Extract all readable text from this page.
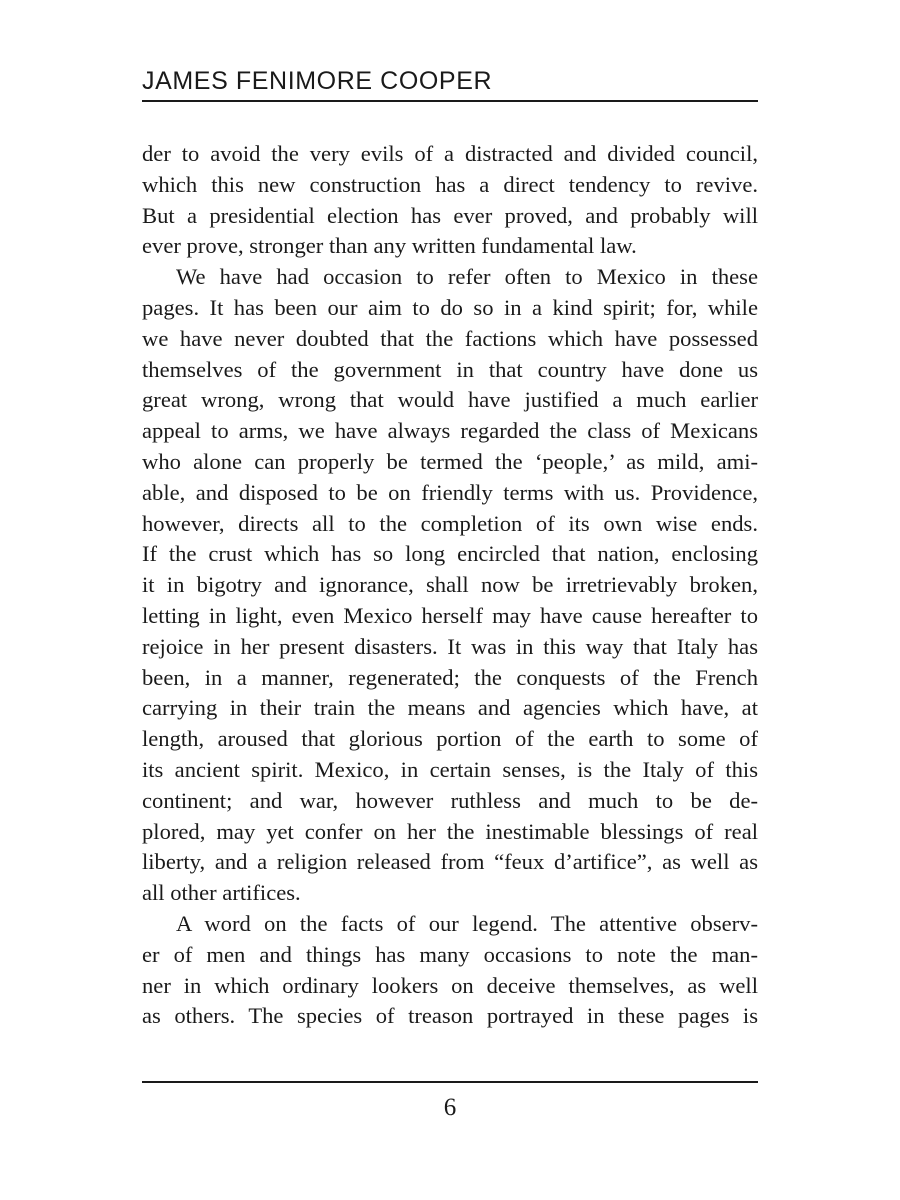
JAMES FENIMORE COOPER
der to avoid the very evils of a distracted and divided council,
which this new construction has a direct tendency to revive.
But a presidential election has ever proved, and probably will
ever prove, stronger than any written fundamental law.
We have had occasion to refer often to Mexico in these
pages. It has been our aim to do so in a kind spirit; for, while
we have never doubted that the factions which have possessed
themselves of the government in that country have done us
great wrong, wrong that would have justified a much earlier
appeal to arms, we have always regarded the class of Mexicans
who alone can properly be termed the ‘people,’ as mild, ami-
able, and disposed to be on friendly terms with us. Providence,
however, directs all to the completion of its own wise ends.
If the crust which has so long encircled that nation, enclosing
it in bigotry and ignorance, shall now be irretrievably broken,
letting in light, even Mexico herself may have cause hereafter to
rejoice in her present disasters. It was in this way that Italy has
been, in a manner, regenerated; the conquests of the French
carrying in their train the means and agencies which have, at
length, aroused that glorious portion of the earth to some of
its ancient spirit. Mexico, in certain senses, is the Italy of this
continent; and war, however ruthless and much to be de-
plored, may yet confer on her the inestimable blessings of real
liberty, and a religion released from “feux d’artifice”, as well as
all other artifices.
A word on the facts of our legend. The attentive observ-
er of men and things has many occasions to note the man-
ner in which ordinary lookers on deceive themselves, as well
as others. The species of treason portrayed in these pages is
6
